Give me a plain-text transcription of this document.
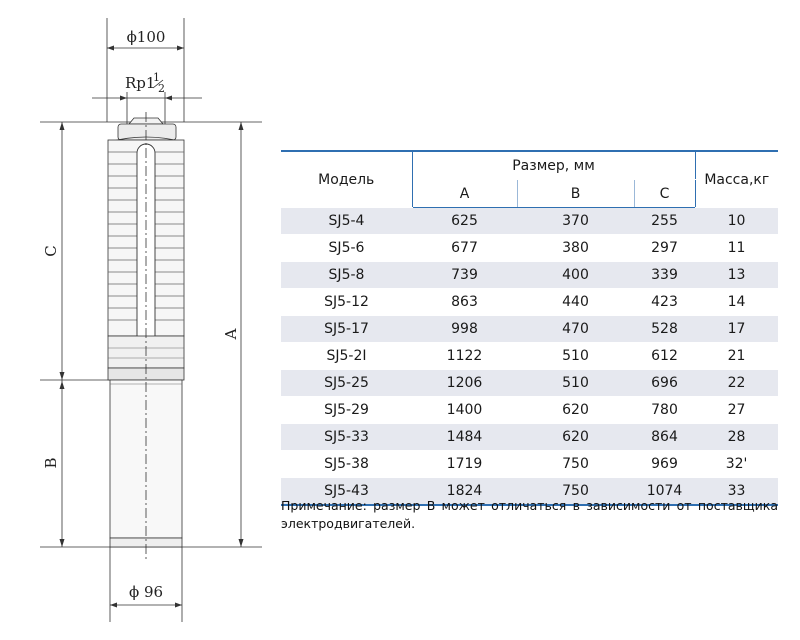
ϕ100
Rp1
1
2
C
B
A
ϕ 96
Модель	Размер, мм			Масса,кг
	A	B	C	
SJ5-4	625	370	255	10
SJ5-6	677	380	297	11
SJ5-8	739	400	339	13
SJ5-12	863	440	423	14
SJ5-17	998	470	528	17
SJ5-2I	1122	510	612	21
SJ5-25	1206	510	696	22
SJ5-29	1400	620	780	27
SJ5-33	1484	620	864	28
SJ5-38	1719	750	969	32'
SJ5-43	1824	750	1074	33
Примечание: размер В может отличаться в зависимости от поставщика электродвигателей.
